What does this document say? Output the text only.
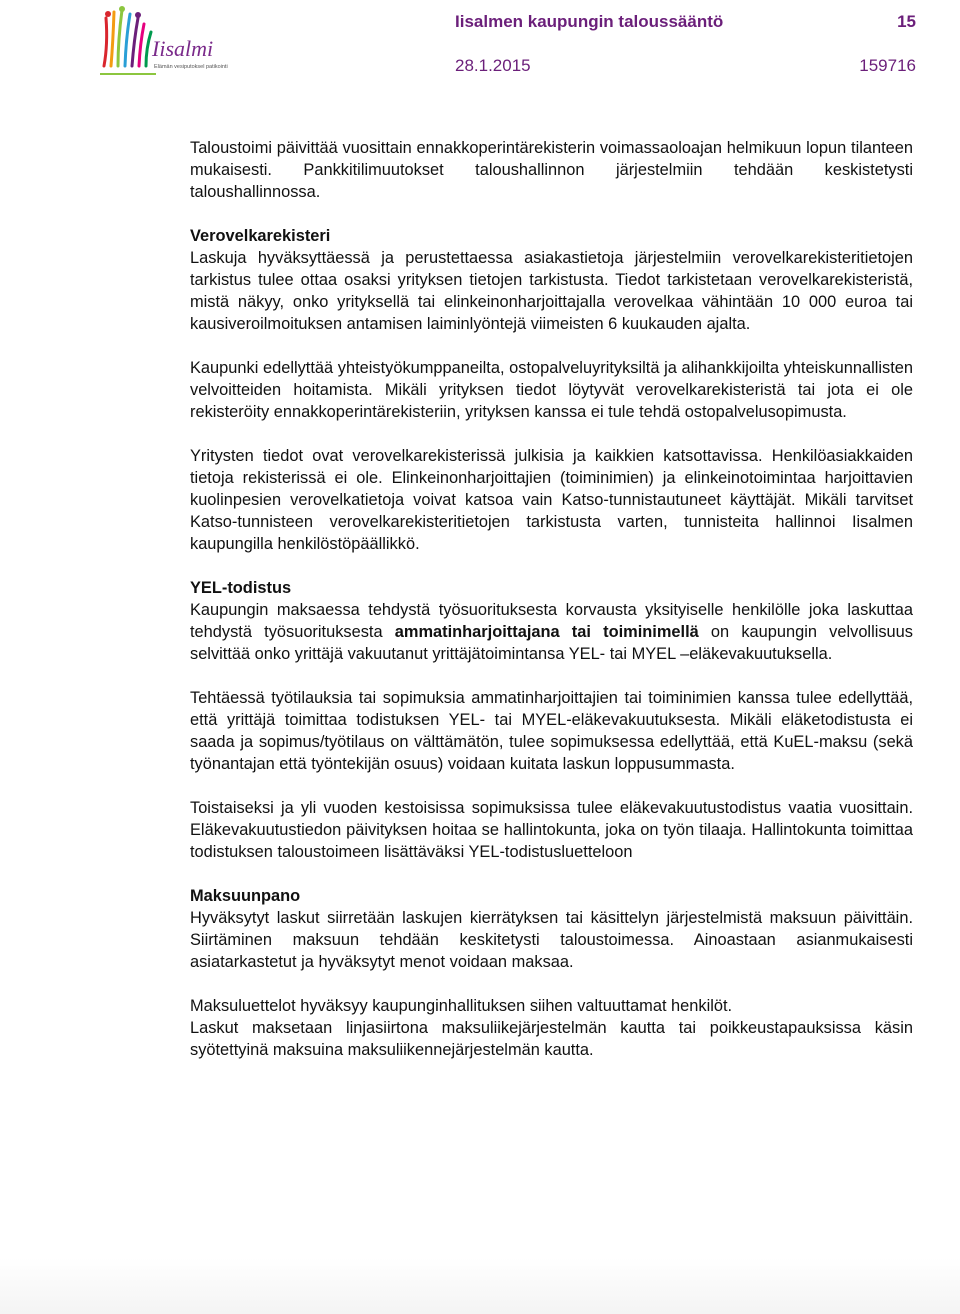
Iisalmi
Elämän vesiputoksel patikointi
Iisalmen kaupungin taloussääntö	15
28.1.2015	159716

Taloustoimi päivittää vuosittain ennakkoperintärekisterin voimassaoloajan helmikuun lopun tilanteen mukaisesti. Pankkitilimuutokset taloushallinnon järjestelmiin tehdään keskistetysti taloushallinnossa.

Verovelkarekisteri

Laskuja hyväksyttäessä ja perustettaessa asiakastietoja järjestelmiin verovelkarekisteritietojen tarkistus tulee ottaa osaksi yrityksen tietojen tarkistusta. Tiedot tarkistetaan verovelkarekisteristä, mistä näkyy, onko yrityksellä tai elinkeinonharjoittajalla verovelkaa vähintään 10 000 euroa tai kausiveroilmoituksen antamisen laiminlyöntejä viimeisten 6 kuukauden ajalta.

Kaupunki edellyttää yhteistyökumppaneilta, ostopalveluyrityksiltä ja alihankkijoilta yhteiskunnallisten velvoitteiden hoitamista. Mikäli yrityksen tiedot löytyvät verovelkarekisteristä tai jota ei ole rekisteröity ennakkoperintärekisteriin, yrityksen kanssa ei tule tehdä ostopalvelusopimusta.

Yritysten tiedot ovat verovelkarekisterissä julkisia ja kaikkien katsottavissa. Henkilöasiakkaiden tietoja rekisterissä ei ole. Elinkeinonharjoittajien (toiminimien) ja elinkeinotoimintaa harjoittavien kuolinpesien verovelkatietoja voivat katsoa vain Katso-tunnistautuneet käyttäjät. Mikäli tarvitset Katso-tunnisteen verovelkarekisteritietojen tarkistusta varten, tunnisteita hallinnoi Iisalmen kaupungilla henkilöstöpäällikkö.

YEL-todistus

Kaupungin maksaessa tehdystä työsuorituksesta korvausta yksityiselle henkilölle joka laskuttaa tehdystä työsuorituksesta ammatinharjoittajana tai toiminimellä on kaupungin velvollisuus selvittää onko yrittäjä vakuutanut yrittäjätoimintansa YEL- tai MYEL –eläkevakuutuksella.

Tehtäessä työtilauksia tai sopimuksia ammatinharjoittajien tai toiminimien kanssa tulee edellyttää, että yrittäjä toimittaa todistuksen YEL- tai MYEL-eläkevakuutuksesta. Mikäli eläketodistusta ei saada ja sopimus/työtilaus on välttämätön, tulee sopimuksessa edellyttää, että KuEL-maksu (sekä työnantajan että työntekijän osuus) voidaan kuitata laskun loppusummasta.

Toistaiseksi ja yli vuoden kestoisissa sopimuksissa tulee eläkevakuutustodistus vaatia vuosittain. Eläkevakuutustiedon päivityksen hoitaa se hallintokunta, joka on työn tilaaja. Hallintokunta toimittaa todistuksen taloustoimeen lisättäväksi YEL-todistusluetteloon

Maksuunpano

Hyväksytyt laskut siirretään laskujen kierrätyksen tai käsittelyn järjestelmistä maksuun päivittäin. Siirtäminen maksuun tehdään keskitetysti taloustoimessa. Ainoastaan asianmukaisesti asiatarkastetut ja hyväksytyt menot voidaan maksaa.

Maksuluettelot hyväksyy kaupunginhallituksen siihen valtuuttamat henkilöt.

Laskut maksetaan linjasiirtona maksuliikejärjestelmän kautta tai poikkeustapauksissa käsin syötettyinä maksuina maksuliikennejärjestelmän kautta.
